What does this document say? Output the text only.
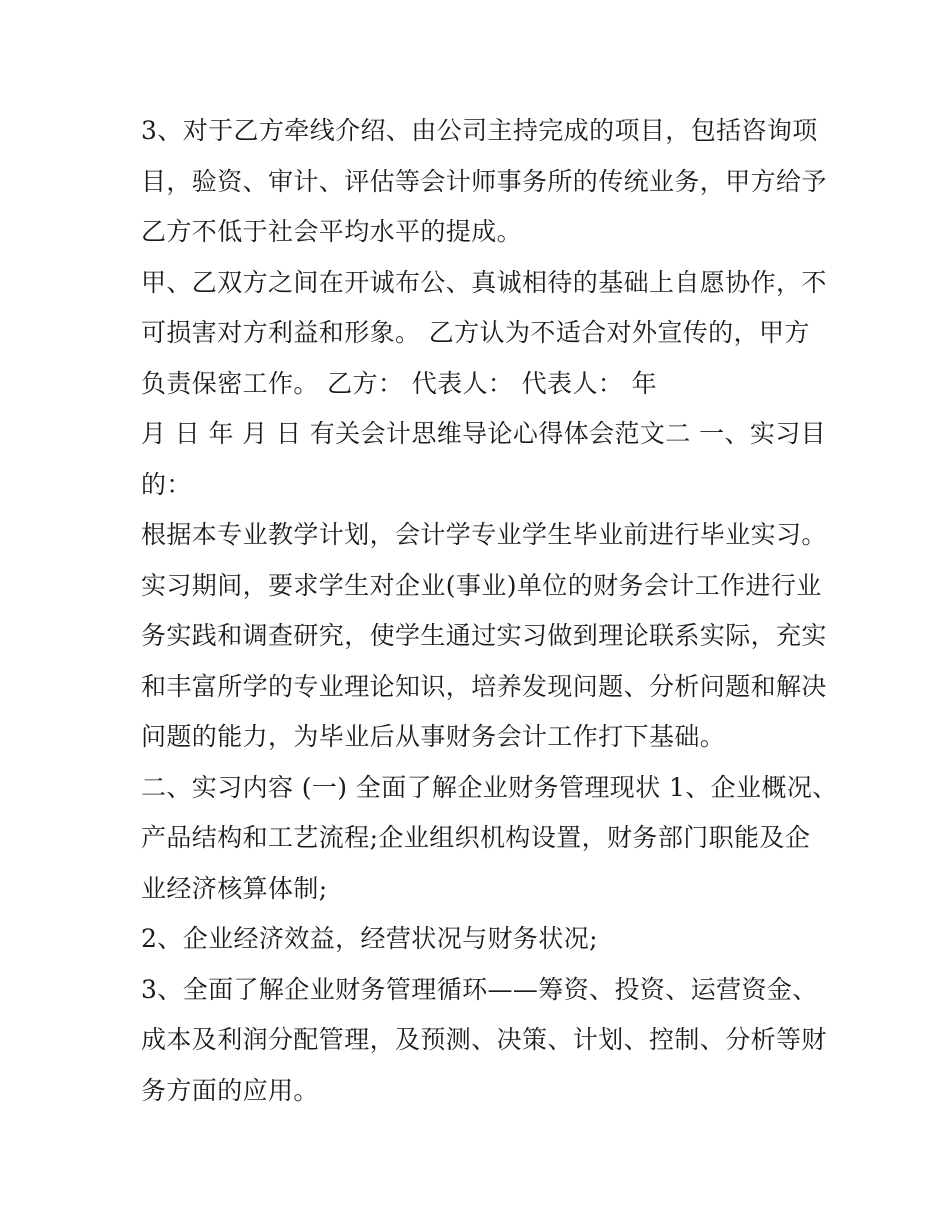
3、对于乙方牵线介绍、由公司主持完成的项目，包括咨询项
目，验资、审计、评估等会计师事务所的传统业务，甲方给予
乙方不低于社会平均水平的提成。
甲、乙双方之间在开诚布公、真诚相待的基础上自愿协作，不
可损害对方利益和形象。 乙方认为不适合对外宣传的，甲方
负责保密工作。 乙方： 代表人： 代表人： 年
月 日 年 月 日 有关会计思维导论心得体会范文二 一、实习目
的：
根据本专业教学计划，会计学专业学生毕业前进行毕业实习。
实习期间，要求学生对企业(事业)单位的财务会计工作进行业
务实践和调查研究，使学生通过实习做到理论联系实际，充实
和丰富所学的专业理论知识，培养发现问题、分析问题和解决
问题的能力，为毕业后从事财务会计工作打下基础。
二、实习内容 (一) 全面了解企业财务管理现状 1、企业概况、
产品结构和工艺流程;企业组织机构设置，财务部门职能及企
业经济核算体制;
2、企业经济效益，经营状况与财务状况;
3、全面了解企业财务管理循环——筹资、投资、运营资金、
成本及利润分配管理，及预测、决策、计划、控制、分析等财
务方面的应用。
